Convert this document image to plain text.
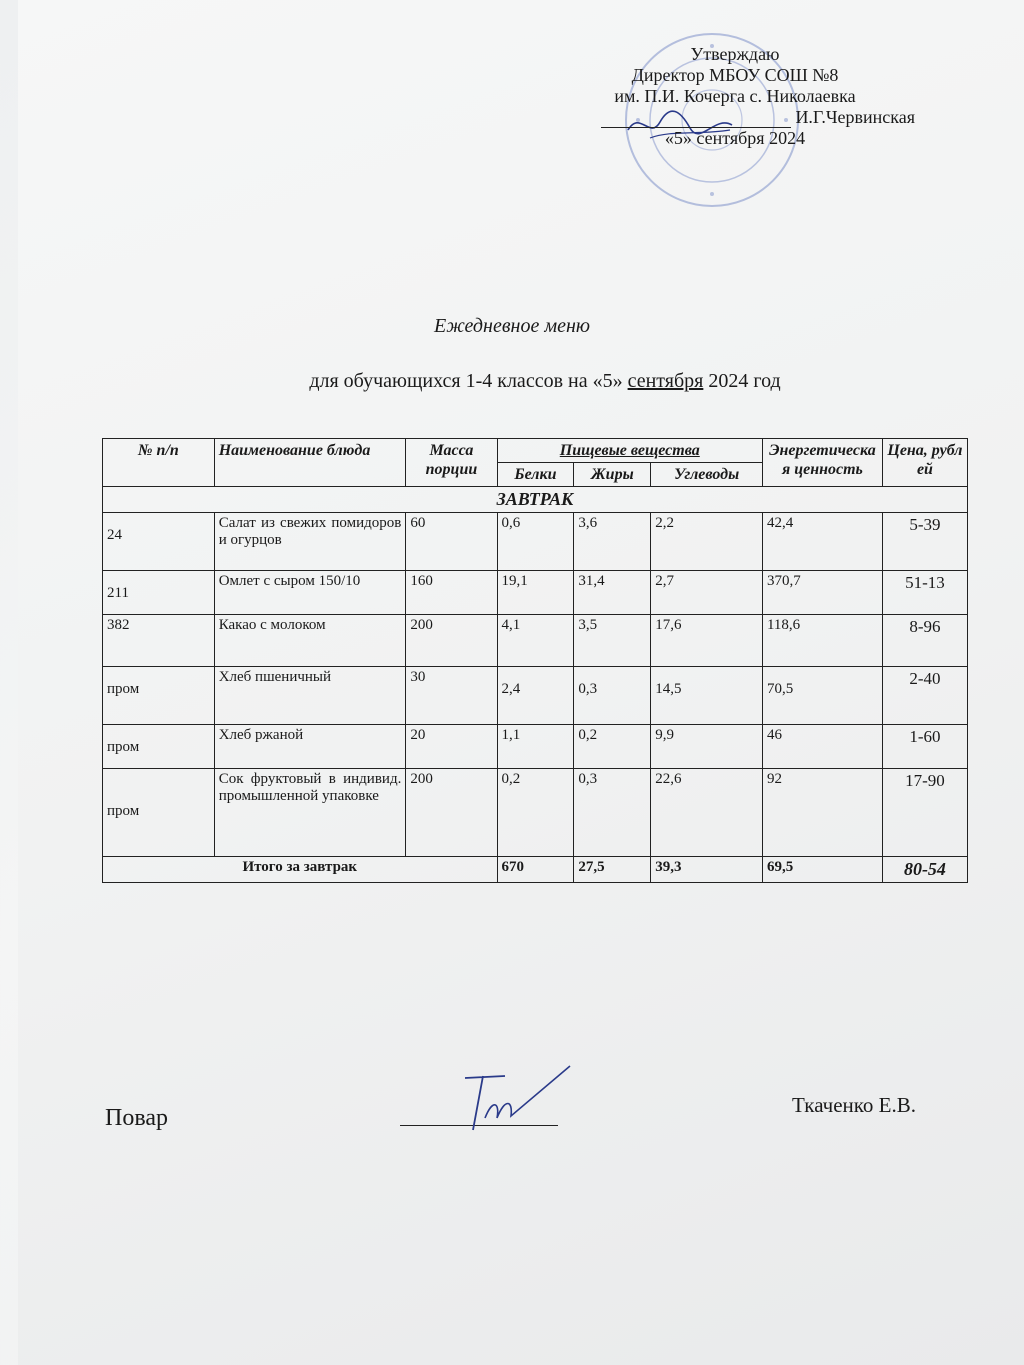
Утверждаю
Директор МБОУ СОШ №8
им. П.И. Кочерга с. Николаевка
И.Г.Червинская
«5» сентября 2024
Ежедневное меню
для обучающихся 1-4 классов на «5» сентября 2024 год
№ п/п	Наименование блюда	Масса порции	Пищевые вещества			Энергетическая ценность	Цена, рублей
			Белки	Жиры	Углеводы		
ЗАВТРАК							
24	Салат из свежих помидоров и огурцов	60	0,6	3,6	2,2	42,4	5-39
211	Омлет с сыром 150/10	160	19,1	31,4	2,7	370,7	51-13
382	Какао с молоком	200	4,1	3,5	17,6	118,6	8-96
пром	Хлеб пшеничный	30	2,4	0,3	14,5	70,5	2-40
пром	Хлеб ржаной	20	1,1	0,2	9,9	46	1-60
пром	Сок фруктовый в индивид. промышленной упаковке	200	0,2	0,3	22,6	92	17-90
Итого за завтрак			670	27,5	39,3	69,5	80-54
Повар	Ткаченко Е.В.
